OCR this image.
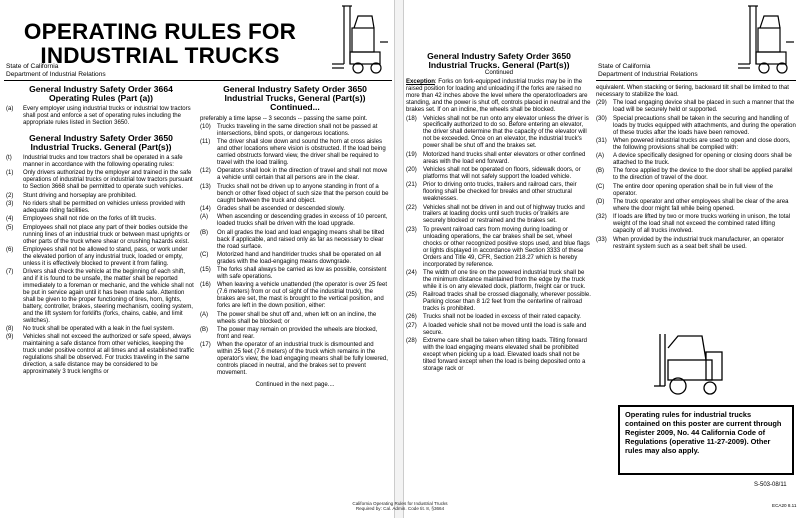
OPERATING RULES FOR
INDUSTRIAL TRUCKS
State of California
Department of Industrial Relations
General Industry Safety Order 3664
Operating Rules (Part (a))
(a)	Every employer using industrial trucks or industrial tow tractors shall post and enforce a set of operating rules including the appropriate rules listed in Section 3650.
General Industry Safety Order 3650
Industrial Trucks. General (Part(s))
(t)	Industrial trucks and tow tractors shall be operated in a safe manner in accordance with the following operating rules:
(1)	Only drivers authorized by the employer and trained in the safe operations of industrial trucks or industrial tow tractors pursuant to Section 3668 shall be permitted to operate such vehicles.
(2)	Stunt driving and horseplay are prohibited.
(3)	No riders shall be permitted on vehicles unless provided with adequate riding facilities.
(4)	Employees shall not ride on the forks of lift trucks.
(5)	Employees shall not place any part of their bodies outside the running lines of an industrial truck or between mast uprights or other parts of the truck where shear or crushing hazards exist.
(6)	Employees shall not be allowed to stand, pass, or work under the elevated portion of any industrial truck, loaded or empty, unless it is effectively blocked to prevent it from falling.
(7)	Drivers shall check the vehicle at the beginning of each shift, and if it is found to be unsafe, the matter shall be reported immediately to a foreman or mechanic, and the vehicle shall not be put in service again until it has been made safe. Attention shall be given to the proper functioning of tires, horn, lights, battery, controller, brakes, steering mechanism, cooling system, and the lift system for forklifts (forks, chains, cable, and limit switches).
(8)	No truck shall be operated with a leak in the fuel system.
(9)	Vehicles shall not exceed the authorized or safe speed, always maintaining a safe distance from other vehicles, keeping the truck under positive control at all times and all established traffic regulations shall be observed. For trucks traveling in the same direction, a safe distance may be considered to be approximately 3 truck lengths or
General Industry Safety Order 3650
Industrial Trucks, General (Part(s)) Continued...
preferably a time lapse -- 3 seconds -- passing the same point.
(10)	Trucks traveling in the same direction shall not be passed at intersections, blind spots, or dangerous locations.
(11)	The driver shall slow down and sound the horn at cross aisles and other locations where vision is obstructed. If the load being carried obstructs forward view, the driver shall be required to travel with the load trailing.
(12)	Operators shall look in the direction of travel and shall not move a vehicle until certain that all persons are in the clear.
(13)	Trucks shall not be driven up to anyone standing in front of a bench or other fixed object of such size that the person could be caught between the truck and object.
(14)	Grades shall be ascended or descended slowly.
(A)	When ascending or descending grades in excess of 10 percent, loaded trucks shall be driven with the load upgrade.
(B)	On all grades the load and load engaging means shall be tilted back if applicable, and raised only as far as necessary to clear the road surface.
(C)	Motorized hand and hand/rider trucks shall be operated on all grades with the load-engaging means downgrade.
(15)	The forks shall always be carried as low as possible, consistent with safe operations.
(16)	When leaving a vehicle unattended (the operator is over 25 feet (7.6 meters) from or out of sight of the industrial truck), the brakes are set, the mast is brought to the vertical position, and forks are left in the down position, either:
(A)	The power shall be shut off and, when left on an incline, the wheels shall be blocked; or
(B)	The power may remain on provided the wheels are blocked, front and rear.
(17)	When the operator of an industrial truck is dismounted and within 25 feet (7.6 meters) of the truck which remains in the operator's view, the load engaging means shall be fully lowered, controls placed in neutral, and the brakes set to prevent movement.
Continued in the next page....
General Industry Safety Order 3650
Industrial Trucks. General (Part(s))
Continued
Exception: Forks on fork-equipped industrial trucks may be in the raised position for loading and unloading if the forks are raised no more than 42 inches above the level where the operator/loaders are standing, and the power is shut off, controls placed in neutral and the brakes set. If on an incline, the wheels shall be blocked.
(18)	Vehicles shall not be run onto any elevator unless the driver is specifically authorized to do so. Before entering an elevator, the driver shall determine that the capacity of the elevator will not be exceeded. Once on an elevator, the industrial truck's power shall be shut off and the brakes set.
(19)	Motorized hand trucks shall enter elevators or other confined areas with the load end forward.
(20)	Vehicles shall not be operated on floors, sidewalk doors, or platforms that will not safely support the loaded vehicle.
(21)	Prior to driving onto trucks, trailers and railroad cars, their flooring shall be checked for breaks and other structural weaknesses.
(22)	Vehicles shall not be driven in and out of highway trucks and trailers at loading docks until such trucks or trailers are securely blocked or restrained and the brakes set.
(23)	To prevent railroad cars from moving during loading or unloading operations, the car brakes shall be set, wheel chocks or other recognized positive stops used, and blue flags or lights displayed in accordance with Section 3333 of these Orders and Title 49, CFR, Section 218.27 which is hereby incorporated by reference.
(24)	The width of one tire on the powered industrial truck shall be the minimum distance maintained from the edge by the truck while it is on any elevated dock, platform, freight car or truck.
(25)	Railroad tracks shall be crossed diagonally, wherever possible. Parking closer than 8 1/2 feet from the centerline of railroad tracks is prohibited.
(26)	Trucks shall not be loaded in excess of their rated capacity.
(27)	A loaded vehicle shall not be moved until the load is safe and secure.
(28)	Extreme care shall be taken when tilting loads. Tilting forward with the load engaging means elevated shall be prohibited except when picking up a load. Elevated loads shall not be tilted forward except when the load is being deposited onto a storage rack or
State of California
Department of Industrial Relations
equivalent. When stacking or tiering, backward tilt shall be limited to that necessary to stabilize the load.
(29)	The load engaging device shall be placed in such a manner that the load will be securely held or supported.
(30)	Special precautions shall be taken in the securing and handling of loads by trucks equipped with attachments, and during the operation of these trucks after the loads have been removed.
(31)	When powered industrial trucks are used to open and close doors, the following provisions shall be complied with:
(A)	A device specifically designed for opening or closing doors shall be attached to the truck.
(B)	The force applied by the device to the door shall be applied parallel to the direction of travel of the door.
(C)	The entire door opening operation shall be in full view of the operator.
(D)	The truck operator and other employees shall be clear of the area where the door might fall while being opened.
(32)	If loads are lifted by two or more trucks working in unison, the total weight of the load shall not exceed the combined rated lifting capacity of all trucks involved.
(33)	When provided by the industrial truck manufacturer, an operator restraint system such as a seat belt shall be used.
Operating rules for industrial trucks contained on this poster are current through Register 2009, No. 44 California Code of Regulations (operative 11-27-2009). Other rules may also apply.
S-503-08/11
ECA20 8.11
California Operating Rules for Industrial Trucks
Required by: Cal. Admin. Code tit. 8, §3664
